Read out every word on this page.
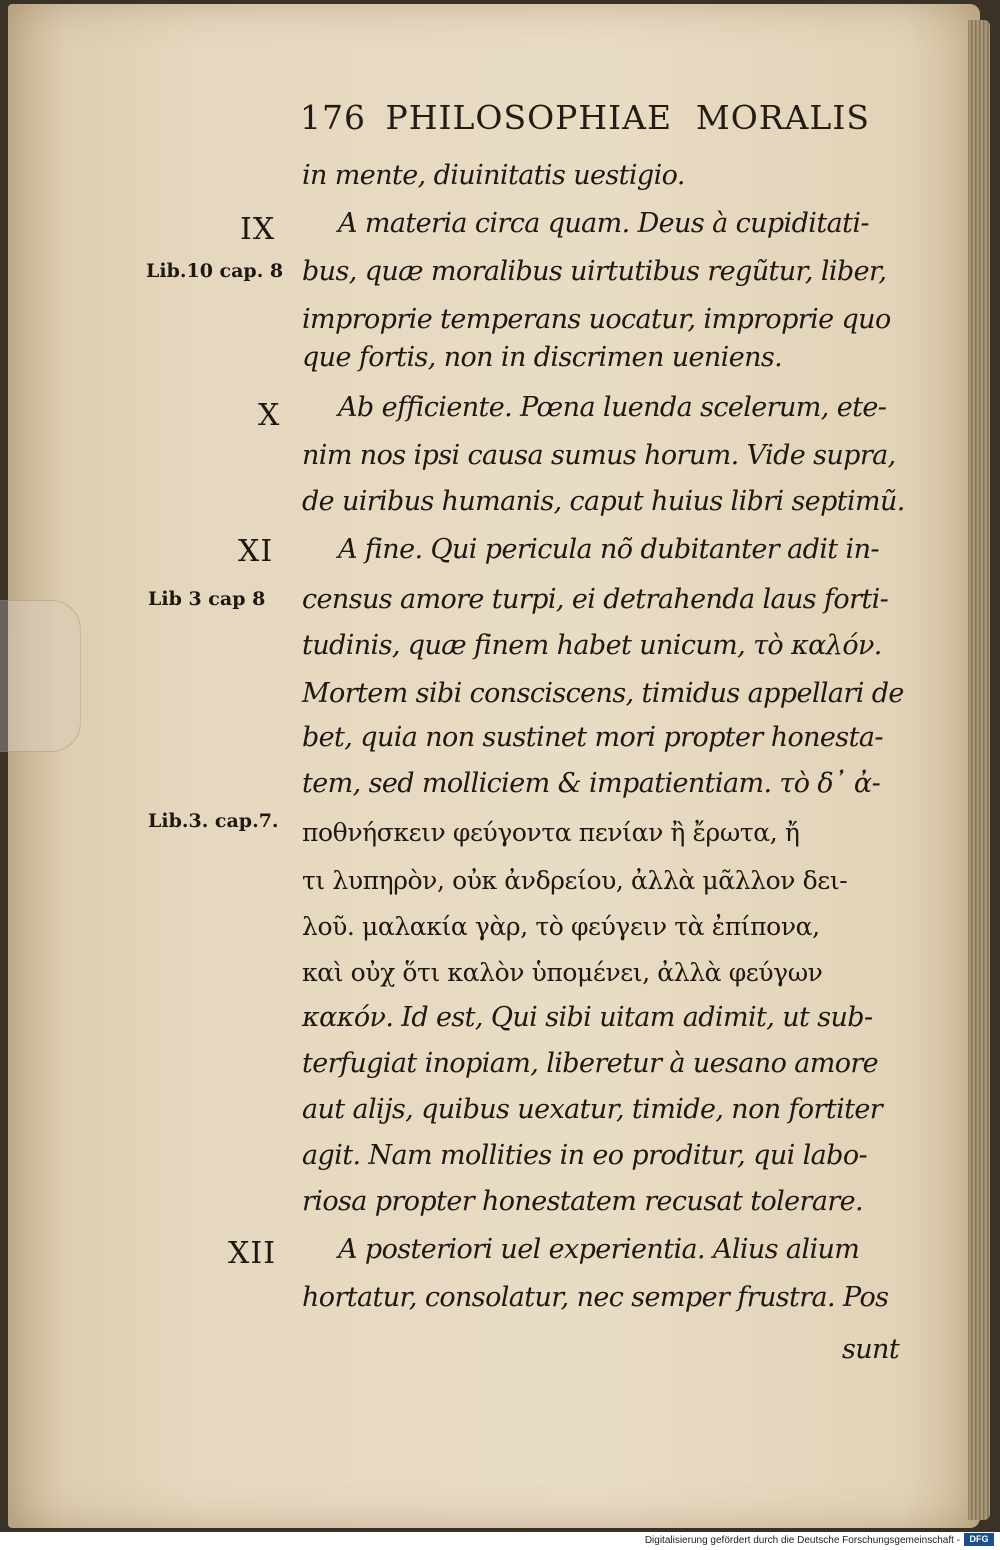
176 PHILOSOPHIAE MORALIS
IX
X
XI
XII
Lib.10 cap. 8
Lib 3 cap 8
Lib.3. cap.7.
in mente, diuinitatis uestigio.
A materia circa quam. Deus à cupiditati-
bus, quæ moralibus uirtutibus regũtur, liber,
improprie temperans uocatur, improprie quo
que fortis, non in discrimen ueniens.
Ab efficiente. Pœna luenda scelerum, ete-
nim nos ipsi causa sumus horum. Vide supra,
de uiribus humanis, caput huius libri septimũ.
A fine. Qui pericula nõ dubitanter adit in-
census amore turpi, ei detrahenda laus forti-
tudinis, quæ finem habet unicum, τὸ καλόν.
Mortem sibi consciscens, timidus appellari de
bet, quia non sustinet mori propter honesta-
tem, sed molliciem & impatientiam. τὸ δ᾽ ἀ-
ποθνήσκειν φεύγοντα πενίαν ἢ ἔρωτα, ἤ
τι λυπηρὸν, οὐκ ἀνδρείου, ἀλλὰ μᾶλλον δει-
λοῦ. μαλακία γὰρ, τὸ φεύγειν τὰ ἐπίπονα,
καὶ οὐχ ὅτι καλὸν ὑπομένει, ἀλλὰ φεύγων
κακόν. Id est, Qui sibi uitam adimit, ut sub-
terfugiat inopiam, liberetur à uesano amore
aut alijs, quibus uexatur, timide, non fortiter
agit. Nam mollities in eo proditur, qui labo-
riosa propter honestatem recusat tolerare.
A posteriori uel experientia. Alius alium
hortatur, consolatur, nec semper frustra. Pos
sunt
Digitalisierung gefördert durch die Deutsche Forschungsgemeinschaft -	DFG
